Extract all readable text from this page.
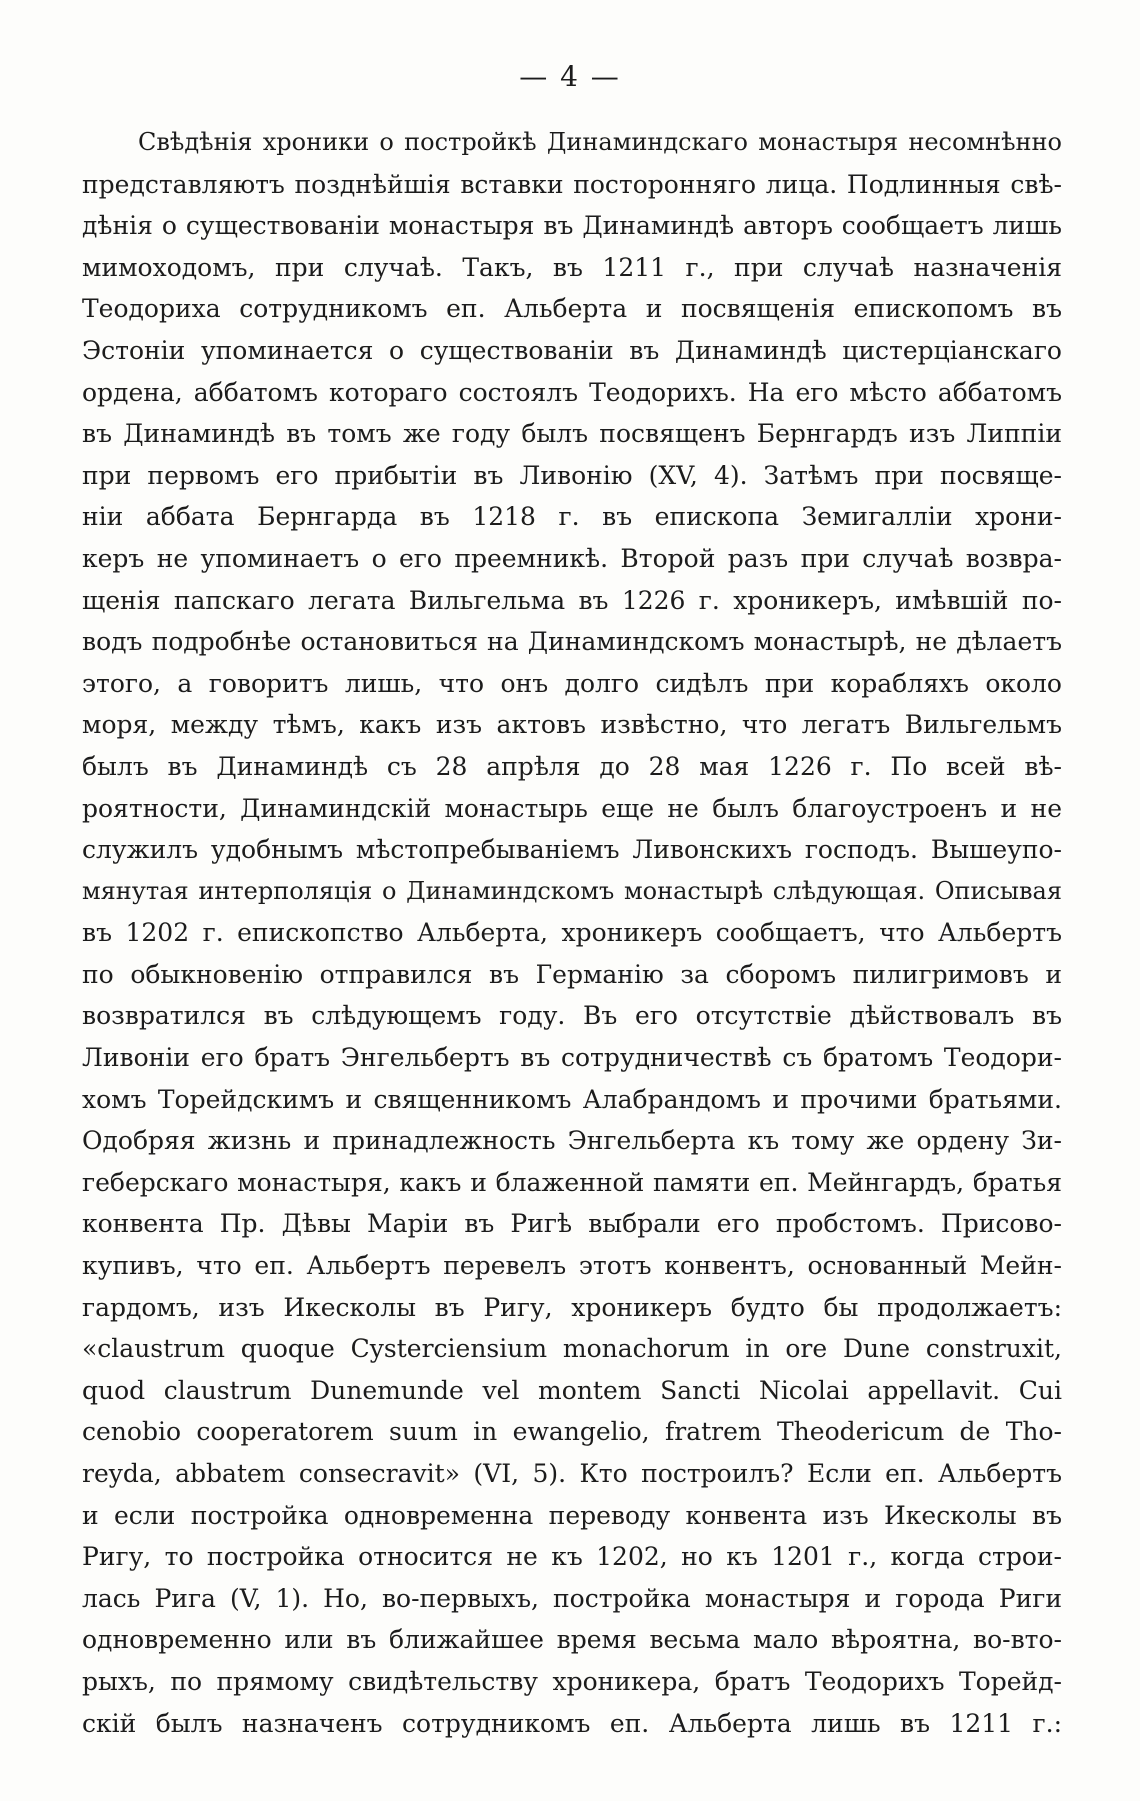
— 4 —
Свѣдѣнія хроники о постройкѣ Динаминдскаго монастыря несомнѣнно
представляютъ позднѣйшія вставки посторонняго лица. Подлинныя свѣ-
дѣнія о существованіи монастыря въ Динаминдѣ авторъ сообщаетъ лишь
мимоходомъ, при случаѣ. Такъ, въ 1211 г., при случаѣ назначенія
Теодориха сотрудникомъ еп. Альберта и посвященія епископомъ въ
Эстоніи упоминается о существованіи въ Динаминдѣ цистерціанскаго
ордена, аббатомъ котораго состоялъ Теодорихъ. На его мѣсто аббатомъ
въ Динаминдѣ въ томъ же году былъ посвященъ Бернгардъ изъ Липпіи
при первомъ его прибытіи въ Ливонію (XV, 4). Затѣмъ при посвяще-
ніи аббата Бернгарда въ 1218 г. въ епископа Земигалліи хрони-
керъ не упоминаетъ о его преемникѣ. Второй разъ при случаѣ возвра-
щенія папскаго легата Вильгельма въ 1226 г. хроникеръ, имѣвшій по-
водъ подробнѣе остановиться на Динаминдскомъ монастырѣ, не дѣлаетъ
этого, а говоритъ лишь, что онъ долго сидѣлъ при корабляхъ около
моря, между тѣмъ, какъ изъ актовъ извѣстно, что легатъ Вильгельмъ
былъ въ Динаминдѣ съ 28 апрѣля до 28 мая 1226 г. По всей вѣ-
роятности, Динаминдскій монастырь еще не былъ благоустроенъ и не
служилъ удобнымъ мѣстопребываніемъ Ливонскихъ господъ. Вышеупо-
мянутая интерполяція о Динаминдскомъ монастырѣ слѣдующая. Описывая
въ 1202 г. епископство Альберта, хроникеръ сообщаетъ, что Альбертъ
по обыкновенію отправился въ Германію за сборомъ пилигримовъ и
возвратился въ слѣдующемъ году. Въ его отсутствіе дѣйствовалъ въ
Ливоніи его братъ Энгельбертъ въ сотрудничествѣ съ братомъ Теодори-
хомъ Торейдскимъ и священникомъ Алабрандомъ и прочими братьями.
Одобряя жизнь и принадлежность Энгельберта къ тому же ордену Зи-
геберскаго монастыря, какъ и блаженной памяти еп. Мейнгардъ, братья
конвента Пр. Дѣвы Маріи въ Ригѣ выбрали его пробстомъ. Присово-
купивъ, что еп. Альбертъ перевелъ этотъ конвентъ, основанный Мейн-
гардомъ, изъ Икесколы въ Ригу, хроникеръ будто бы продолжаетъ:
«claustrum quoque Cysterciensium monachorum in ore Dune construxit,
quod claustrum Dunemunde vel montem Sancti Nicolai appellavit. Cui
cenobio cooperatorem suum in ewangelio, fratrem Theodericum de Tho-
reyda, abbatem consecravit» (VI, 5). Кто построилъ? Если еп. Альбертъ
и если постройка одновременна переводу конвента изъ Икесколы въ
Ригу, то постройка относится не къ 1202, но къ 1201 г., когда строи-
лась Рига (V, 1). Но, во-первыхъ, постройка монастыря и города Риги
одновременно или въ ближайшее время весьма мало вѣроятна, во-вто-
рыхъ, по прямому свидѣтельству хроникера, братъ Теодорихъ Торейд-
скій былъ назначенъ сотрудникомъ еп. Альберта лишь въ 1211 г.:
